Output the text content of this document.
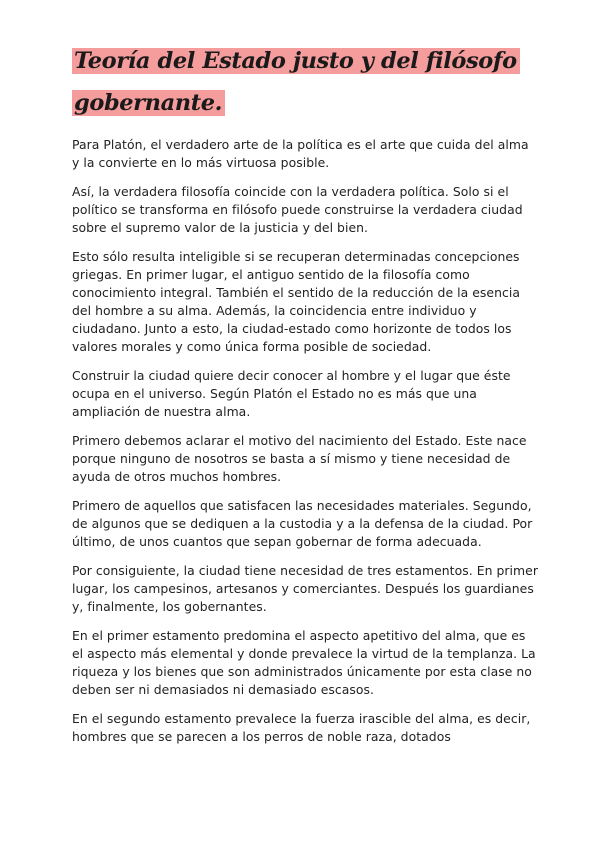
Teoría del Estado justo y del filósofo gobernante.

Para Platón, el verdadero arte de la política es el arte que cuida del alma y la convierte en lo más virtuosa posible.

Así, la verdadera filosofía coincide con la verdadera política. Solo si el político se transforma en filósofo puede construirse la verdadera ciudad sobre el supremo valor de la justicia y del bien.

Esto sólo resulta inteligible si se recuperan determinadas concepciones griegas. En primer lugar, el antiguo sentido de la filosofía como conocimiento integral. También el sentido de la reducción de la esencia del hombre a su alma. Además, la coincidencia entre individuo y ciudadano. Junto a esto, la ciudad-estado como horizonte de todos los valores morales y como única forma posible de sociedad.

Construir la ciudad quiere decir conocer al hombre y el lugar que éste ocupa en el universo. Según Platón el Estado no es más que una ampliación de nuestra alma.

Primero debemos aclarar el motivo del nacimiento del Estado. Este nace porque ninguno de nosotros se basta a sí mismo y tiene necesidad de ayuda de otros muchos hombres.

Primero de aquellos que satisfacen las necesidades materiales. Segundo, de algunos que se dediquen a la custodia y a la defensa de la ciudad. Por último, de unos cuantos que sepan gobernar de forma adecuada.

Por consiguiente, la ciudad tiene necesidad de tres estamentos. En primer lugar, los campesinos, artesanos y comerciantes. Después los guardianes y, finalmente, los gobernantes.

En el primer estamento predomina el aspecto apetitivo del alma, que es el aspecto más elemental y donde prevalece la virtud de la templanza. La riqueza y los bienes que son administrados únicamente por esta clase no deben ser ni demasiados ni demasiado escasos.

En el segundo estamento prevalece la fuerza irascible del alma, es decir, hombres que se parecen a los perros de noble raza, dotados
